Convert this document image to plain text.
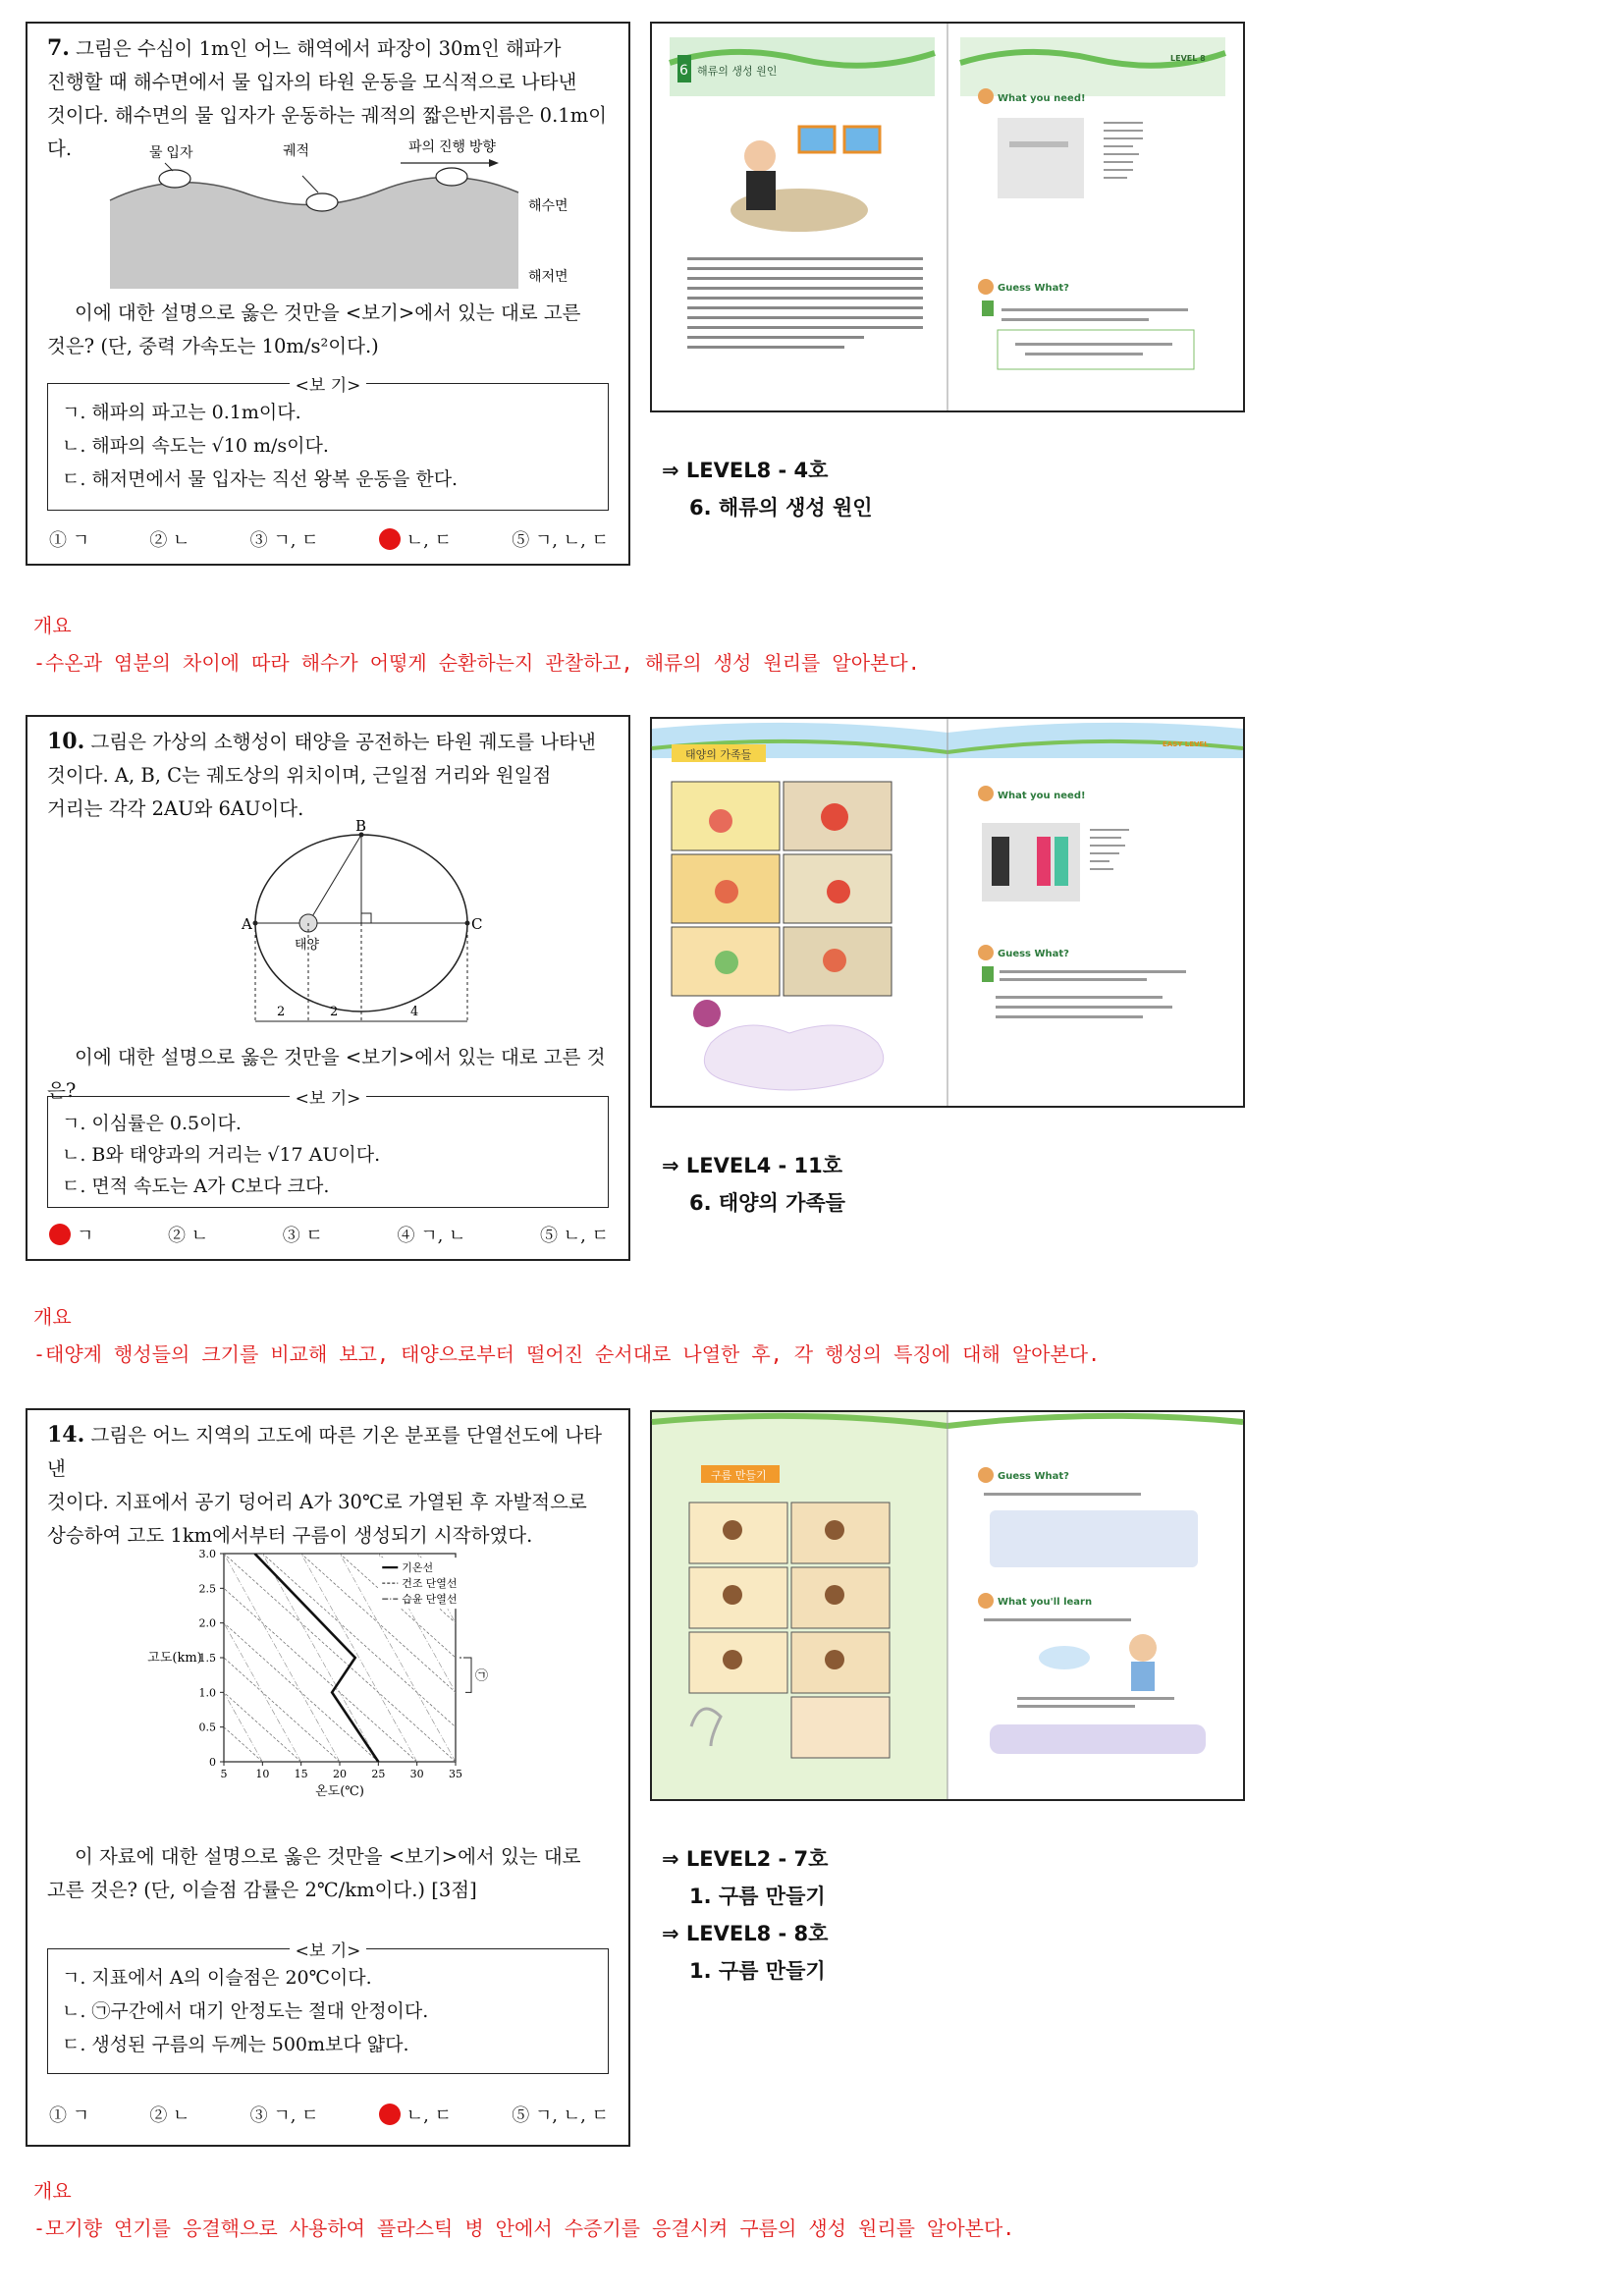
7. 그림은 수심이 1m인 어느 해역에서 파장이 30m인 해파가
진행할 때 해수면에서 물 입자의 타원 운동을 모식적으로 나타낸
것이다. 해수면의 물 입자가 운동하는 궤적의 짧은반지름은 0.1m이다.	물 입자	궤적	파의 진행 방향
해수면
해저면
이에 대한 설명으로 옳은 것만을 <보기>에서 있는 대로 고른
것은? (단, 중력 가속도는 10m/s²이다.)
<보 기>
ㄱ. 해파의 파고는 0.1m이다.
ㄴ. 해파의 속도는 √10 m/s이다.
ㄷ. 해저면에서 물 입자는 직선 왕복 운동을 한다.
① ㄱ	② ㄴ	③ ㄱ, ㄷ	ㄴ, ㄷ	⑤ ㄱ, ㄴ, ㄷ
6 해류의 생성 원인
LEVEL 8
What you need!
Guess What?
⇒ LEVEL8 - 4호
6. 해류의 생성 원인
개요
-수온과 염분의 차이에 따라 해수가 어떻게 순환하는지 관찰하고, 해류의 생성 원리를 알아본다.
10. 그림은 가상의 소행성이 태양을 공전하는 타원 궤도를 나타낸
것이다. A, B, C는 궤도상의 위치이며, 근일점 거리와 원일점
거리는 각각 2AU와 6AU이다.
A
B
C
태양
2	2	4
이에 대한 설명으로 옳은 것만을 <보기>에서 있는 대로 고른 것은?	<보 기>
ㄱ. 이심률은 0.5이다.
ㄴ. B와 태양과의 거리는 √17 AU이다.
ㄷ. 면적 속도는 A가 C보다 크다.
ㄱ	② ㄴ	③ ㄷ	④ ㄱ, ㄴ	⑤ ㄴ, ㄷ
태양의 가족들
EASY LEVEL
What you need!
Guess What?
⇒ LEVEL4 - 11호
6. 태양의 가족들
개요
-태양계 행성들의 크기를 비교해 보고, 태양으로부터 떨어진 순서대로 나열한 후, 각 행성의 특징에 대해 알아본다.
14. 그림은 어느 지역의 고도에 따른 기온 분포를 단열선도에 나타낸
것이다. 지표에서 공기 덩어리 A가 30℃로 가열된 후 자발적으로
상승하여 고도 1km에서부터 구름이 생성되기 시작하였다.
0
0.5
1.0
1.5
2.0
2.5
3.0
5	10 15 20 25 30 35
고도(km)
온도(℃)
기온선
건조 단열선
습윤 단열선
㉠
이 자료에 대한 설명으로 옳은 것만을 <보기>에서 있는 대로
고른 것은? (단, 이슬점 감률은 2℃/km이다.) [3점]
<보 기>
ㄱ. 지표에서 A의 이슬점은 20℃이다.
ㄴ. ㉠구간에서 대기 안정도는 절대 안정이다.
ㄷ. 생성된 구름의 두께는 500m보다 얇다.
① ㄱ	② ㄴ	③ ㄱ, ㄷ	ㄴ, ㄷ	⑤ ㄱ, ㄴ, ㄷ
구름 만들기	Guess What?
What you'll learn
⇒ LEVEL2 - 7호
1. 구름 만들기
⇒ LEVEL8 - 8호
1. 구름 만들기
개요
-모기향 연기를 응결핵으로 사용하여 플라스틱 병 안에서 수증기를 응결시켜 구름의 생성 원리를 알아본다.
